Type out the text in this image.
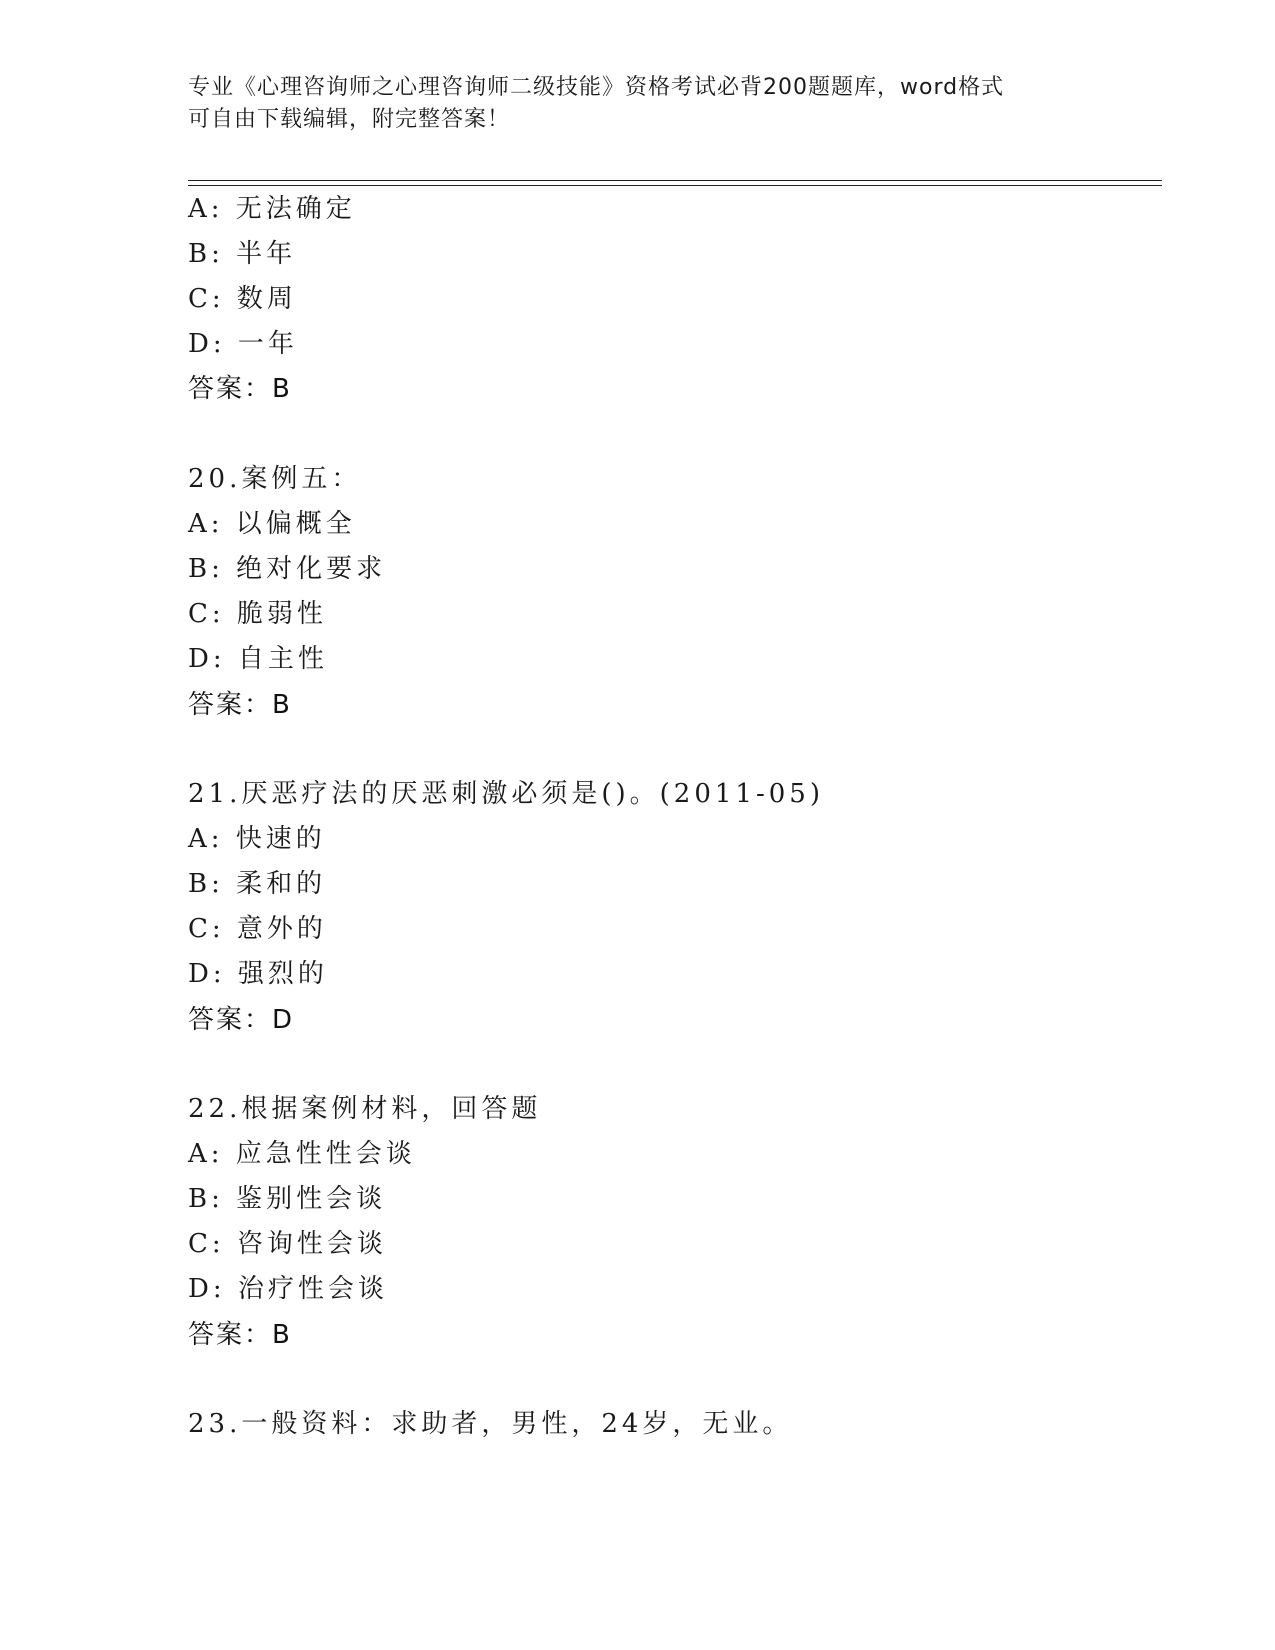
专业《心理咨询师之心理咨询师二级技能》资格考试必背200题题库，word格式
可自由下载编辑，附完整答案！
A: 无法确定
B: 半年
C: 数周
D: 一年
答案：B
20.案例五：
A: 以偏概全
B: 绝对化要求
C: 脆弱性
D: 自主性
答案：B
21.厌恶疗法的厌恶刺激必须是()。(2011-05)
A: 快速的
B: 柔和的
C: 意外的
D: 强烈的
答案：D
22.根据案例材料，回答题
A: 应急性性会谈
B: 鉴别性会谈
C: 咨询性会谈
D: 治疗性会谈
答案：B
23.一般资料：求助者，男性，24岁，无业。
